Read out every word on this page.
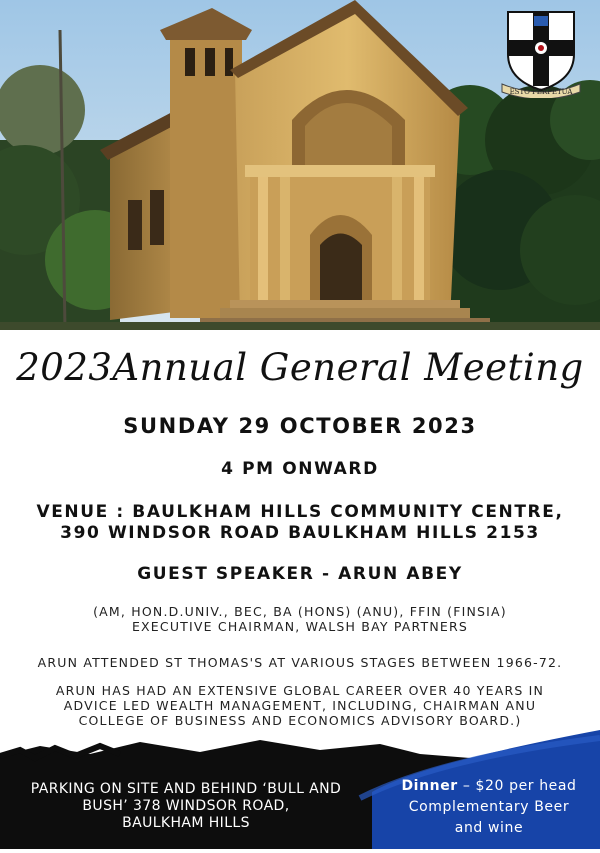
ESTO PERPETUA
2023Annual General Meeting
SUNDAY 29 OCTOBER 2023
4 PM ONWARD
VENUE : BAULKHAM HILLS COMMUNITY CENTRE,
390 WINDSOR ROAD BAULKHAM HILLS 2153
GUEST SPEAKER - ARUN ABEY
(AM, HON.D.UNIV., BEC, BA (HONS) (ANU), FFIN (FINSIA)
EXECUTIVE CHAIRMAN, WALSH BAY PARTNERS
ARUN ATTENDED ST THOMAS'S AT VARIOUS STAGES BETWEEN 1966-72.
ARUN HAS HAD AN EXTENSIVE GLOBAL CAREER OVER 40 YEARS IN
ADVICE LED WEALTH MANAGEMENT, INCLUDING, CHAIRMAN ANU
COLLEGE OF BUSINESS AND ECONOMICS ADVISORY BOARD.)
PARKING ON SITE AND BEHIND ‘BULL AND
BUSH’ 378 WINDSOR ROAD,
BAULKHAM HILLS
Dinner – $20 per head
Complementary Beer
and wine
